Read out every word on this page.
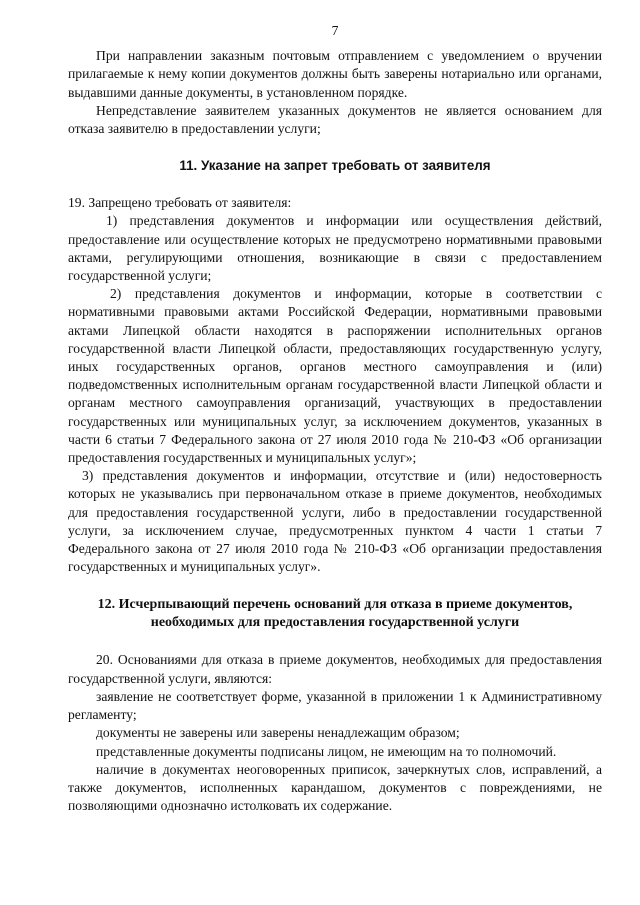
7

При направлении заказным почтовым отправлением с уведомлением о вручении прилагаемые к нему копии документов должны быть заверены нотариально или органами, выдавшими данные документы, в установленном порядке.

Непредставление заявителем указанных документов не является основанием для отказа заявителю в предоставлении услуги;

11. Указание на запрет требовать от заявителя

19. Запрещено требовать от заявителя:

1) представления документов и информации или осуществления действий, предоставление или осуществление которых не предусмотрено нормативными правовыми актами, регулирующими отношения, возникающие в связи с предоставлением государственной услуги;

2) представления документов и информации, которые в соответствии с нормативными правовыми актами Российской Федерации, нормативными правовыми актами Липецкой области находятся в распоряжении исполнительных органов государственной власти Липецкой области, предоставляющих государственную услугу, иных государственных органов, органов местного самоуправления и (или) подведомственных исполнительным органам государственной власти Липецкой области и органам местного самоуправления организаций, участвующих в предоставлении государственных или муниципальных услуг, за исключением документов, указанных в части 6 статьи 7 Федерального закона от 27 июля 2010 года № 210-ФЗ «Об организации предоставления государственных и муниципальных услуг»;

3) представления документов и информации, отсутствие и (или) недостоверность которых не указывались при первоначальном отказе в приеме документов, необходимых для предоставления государственной услуги, либо в предоставлении государственной услуги, за исключением случае, предусмотренных пунктом 4 части 1 статьи 7 Федерального закона от 27 июля 2010 года № 210-ФЗ «Об организации предоставления государственных и муниципальных услуг».

12. Исчерпывающий перечень оснований для отказа в приеме документов, необходимых для предоставления государственной услуги

20. Основаниями для отказа в приеме документов, необходимых для предоставления государственной услуги, являются:

заявление не соответствует форме, указанной в приложении 1 к Административному регламенту;

документы не заверены или заверены ненадлежащим образом;

представленные документы подписаны лицом, не имеющим на то полномочий.

наличие в документах неоговоренных приписок, зачеркнутых слов, исправлений, а также документов, исполненных карандашом, документов с повреждениями, не позволяющими однозначно истолковать их содержание.
